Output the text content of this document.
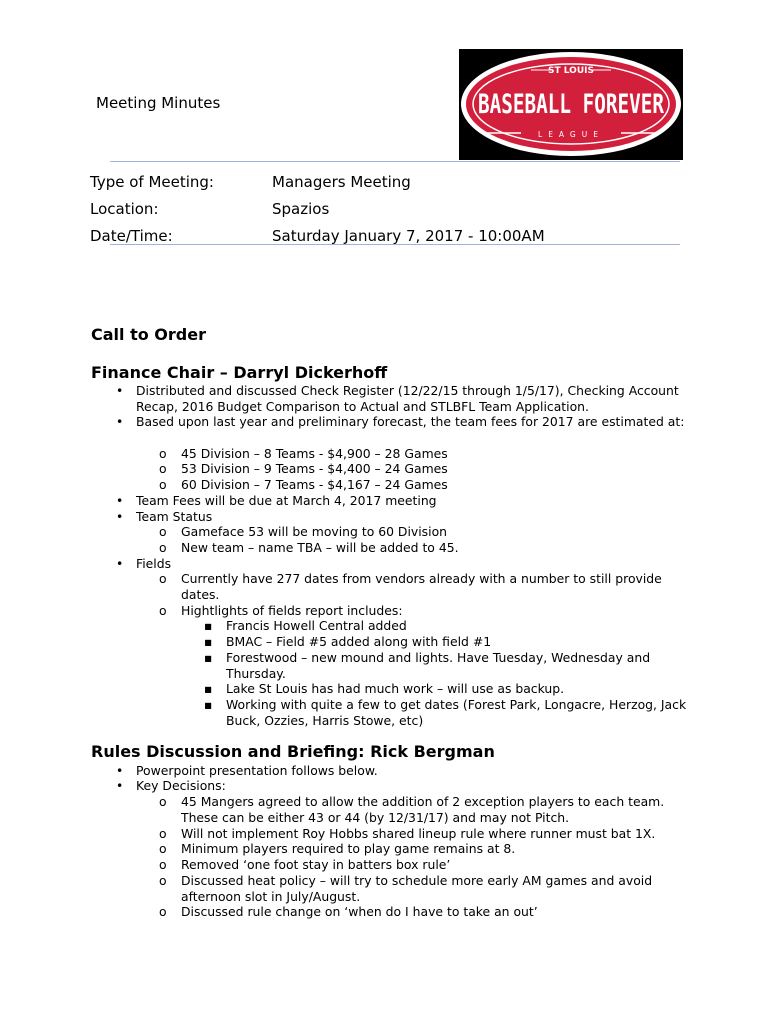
Meeting Minutes
ST LOUIS
BASEBALL FOREVER
LEAGUE
Type of Meeting:	Managers Meeting
Location:	Spazios
Date/Time:	Saturday January 7, 2017 - 10:00AM
Call to Order
Finance Chair – Darryl Dickerhoff
• Distributed and discussed Check Register (12/22/15 through 1/5/17), Checking Account Recap, 2016 Budget Comparison to Actual and STLBFL Team Application.
• Based upon last year and preliminary forecast, the team fees for 2017 are estimated at:
o 45 Division – 8 Teams - $4,900 – 28 Games
o 53 Division – 9 Teams - $4,400 – 24 Games
o 60 Division – 7 Teams - $4,167 – 24 Games
• Team Fees will be due at March 4, 2017 meeting
• Team Status
o Gameface 53 will be moving to 60 Division
o New team – name TBA – will be added to 45.
• Fields
o Currently have 277 dates from vendors already with a number to still provide dates.
o Hightlights of fields report includes:
▪ Francis Howell Central added
▪ BMAC – Field #5 added along with field #1
▪ Forestwood – new mound and lights. Have Tuesday, Wednesday and Thursday.
▪ Lake St Louis has had much work – will use as backup.
▪ Working with quite a few to get dates (Forest Park, Longacre, Herzog, Jack Buck, Ozzies, Harris Stowe, etc)
Rules Discussion and Briefing: Rick Bergman
• Powerpoint presentation follows below.
• Key Decisions:
o 45 Mangers agreed to allow the addition of 2 exception players to each team. These can be either 43 or 44 (by 12/31/17) and may not Pitch.
o Will not implement Roy Hobbs shared lineup rule where runner must bat 1X.
o Minimum players required to play game remains at 8.
o Removed ‘one foot stay in batters box rule’
o Discussed heat policy – will try to schedule more early AM games and avoid afternoon slot in July/August.
o Discussed rule change on ‘when do I have to take an out’
